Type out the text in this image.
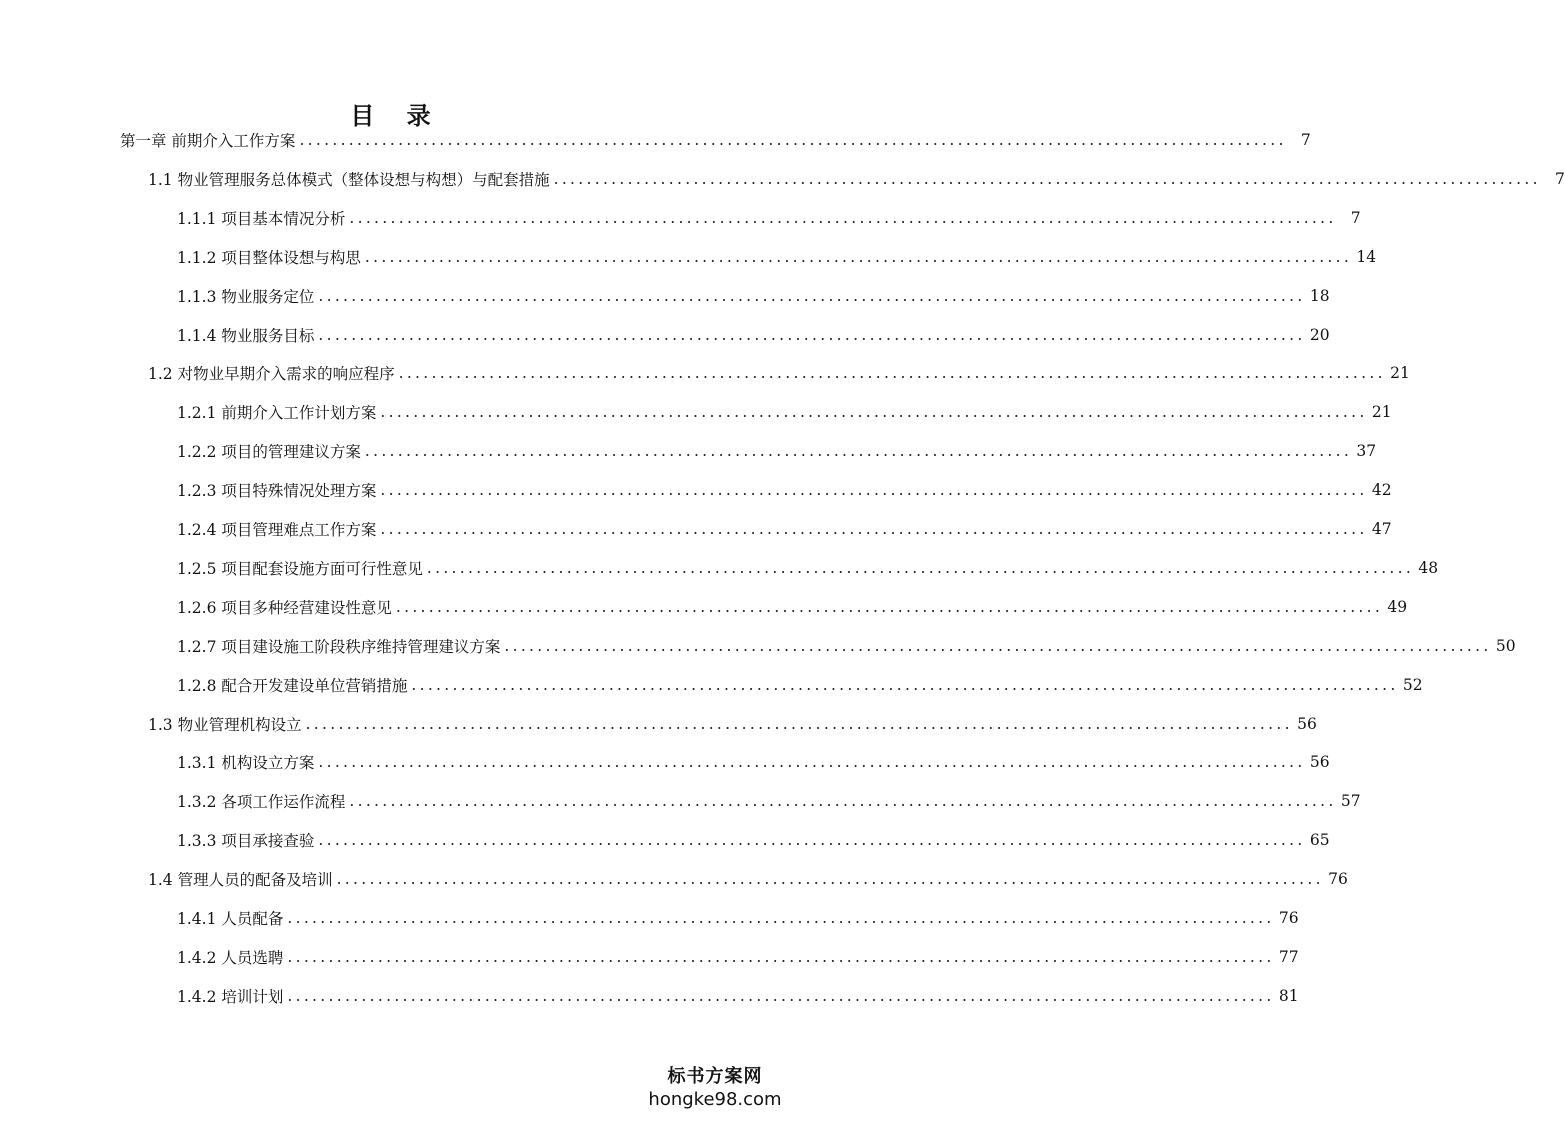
目 录
第一章 前期介入工作方案 ........................................................................................................................ 7
1.1 物业管理服务总体模式（整体设想与构想）与配套措施 ........................................................................................................................ 7
1.1.1 项目基本情况分析 ........................................................................................................................ 7
1.1.2 项目整体设想与构思 ........................................................................................................................ 14
1.1.3 物业服务定位 ........................................................................................................................ 18
1.1.4 物业服务目标 ........................................................................................................................ 20
1.2 对物业早期介入需求的响应程序 ........................................................................................................................ 21
1.2.1 前期介入工作计划方案 ........................................................................................................................ 21
1.2.2 项目的管理建议方案 ........................................................................................................................ 37
1.2.3 项目特殊情况处理方案 ........................................................................................................................ 42
1.2.4 项目管理难点工作方案 ........................................................................................................................ 47
1.2.5 项目配套设施方面可行性意见 ........................................................................................................................ 48
1.2.6 项目多种经营建设性意见 ........................................................................................................................ 49
1.2.7 项目建设施工阶段秩序维持管理建议方案 ........................................................................................................................ 50
1.2.8 配合开发建设单位营销措施 ........................................................................................................................ 52
1.3 物业管理机构设立 ........................................................................................................................ 56
1.3.1 机构设立方案 ........................................................................................................................ 56
1.3.2 各项工作运作流程 ........................................................................................................................ 57
1.3.3 项目承接查验 ........................................................................................................................ 65
1.4 管理人员的配备及培训 ........................................................................................................................ 76
1.4.1 人员配备 ........................................................................................................................ 76
1.4.2 人员选聘 ........................................................................................................................ 77
1.4.2 培训计划 ........................................................................................................................ 81
标书方案网
hongke98.com
